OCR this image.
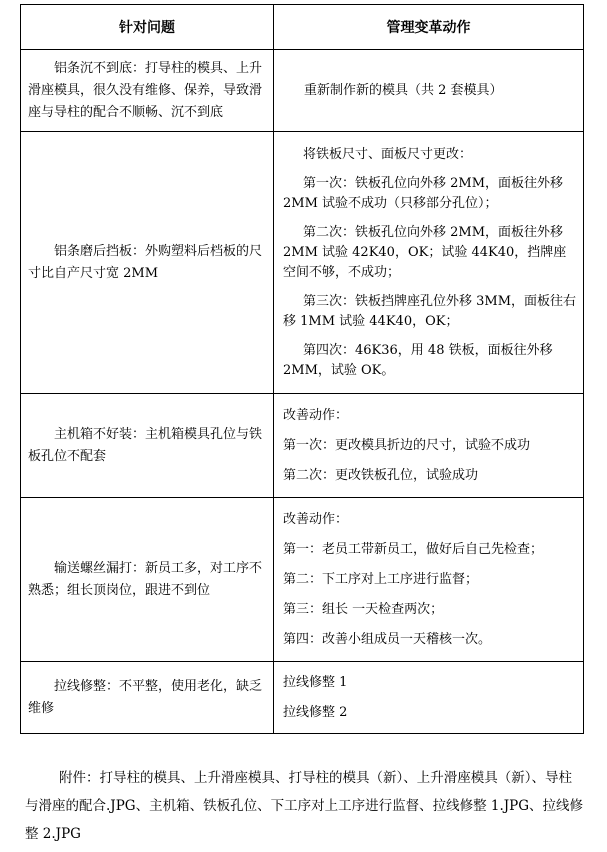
针对问题	管理变革动作
铝条沉不到底：打导柱的模具、上升滑座模具，很久没有维修、保养，导致滑座与导柱的配合不顺畅、沉不到底	重新制作新的模具（共 2 套模具）

铝条磨后挡板：外购塑料后档板的尺寸比自产尺寸宽 2MM	将铁板尺寸、面板尺寸更改：

第一次：铁板孔位向外移 2MM，面板往外移 2MM 试验不成功（只移部分孔位）；

第二次：铁板孔位向外移 2MM，面板往外移 2MM 试验 42K40，OK；试验 44K40，挡牌座空间不够，不成功；

第三次：铁板挡牌座孔位外移 3MM，面板往右移 1MM 试验 44K40，OK；

第四次：46K36，用 48 铁板，面板往外移 2MM，试验 OK。

主机箱不好装：主机箱模具孔位与铁板孔位不配套	改善动作：

第一次：更改模具折边的尺寸，试验不成功

第二次：更改铁板孔位，试验成功

输送螺丝漏打：新员工多，对工序不熟悉；组长顶岗位，跟进不到位	改善动作：

第一：老员工带新员工，做好后自己先检查；

第二：下工序对上工序进行监督；

第三：组长 一天检查两次；

第四：改善小组成员一天稽核一次。

拉线修整：不平整，使用老化，缺乏维修	拉线修整 1

拉线修整 2

附件：打导柱的模具、上升滑座模具、打导柱的模具（新）、上升滑座模具（新）、导柱与滑座的配合.JPG、主机箱、铁板孔位、下工序对上工序进行监督、拉线修整 1.JPG、拉线修整 2.JPG
